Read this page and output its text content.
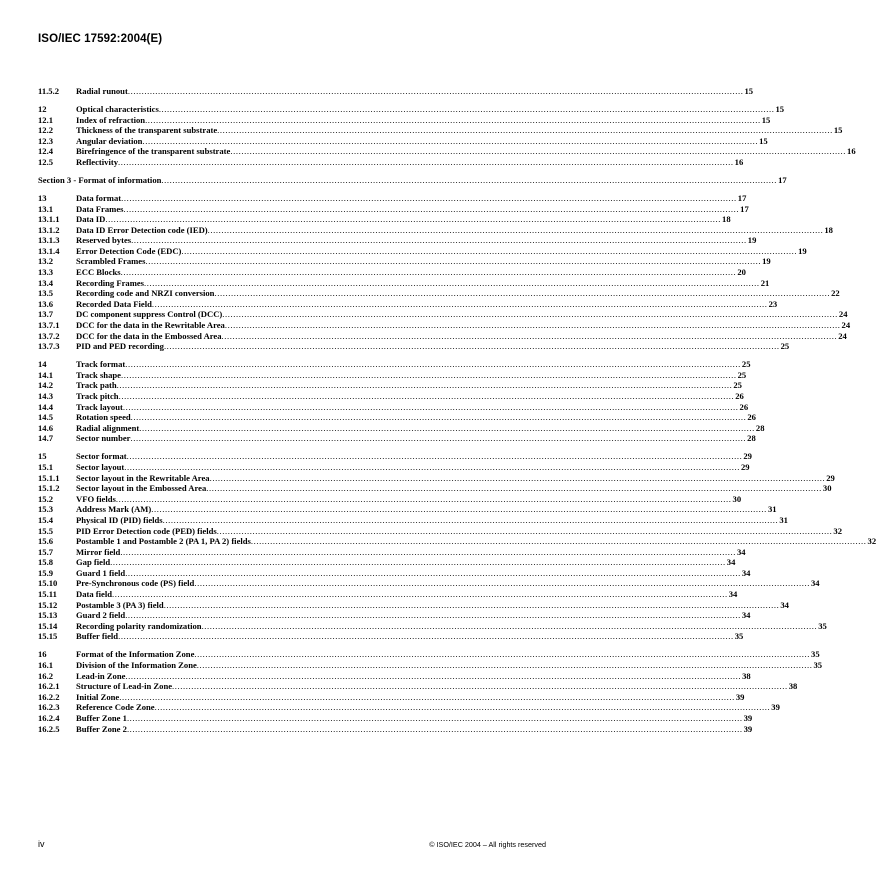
ISO/IEC 17592:2004(E)
11.5.2	Radial runout .....	15
12	Optical characteristics .....	15
12.1	Index of refraction .....	15
12.2	Thickness of the transparent substrate .....	15
12.3	Angular deviation .....	15
12.4	Birefringence of the transparent substrate .....	16
12.5	Reflectivity .....	16
Section 3 - Format of information .....	17
13	Data format .....	17
13.1	Data Frames .....	17
13.1.1	Data ID .....	18
13.1.2	Data ID Error Detection code (IED) .....	18
13.1.3	Reserved bytes .....	19
13.1.4	Error Detection Code (EDC) .....	19
13.2	Scrambled Frames .....	19
13.3	ECC Blocks .....	20
13.4	Recording Frames .....	21
13.5	Recording code and NRZI conversion .....	22
13.6	Recorded Data Field .....	23
13.7	DC component suppress Control (DCC) .....	24
13.7.1	DCC for the data in the Rewritable Area .....	24
13.7.2	DCC for the data in the Embossed Area .....	24
13.7.3	PID and PED recording .....	25
14	Track format .....	25
14.1	Track shape .....	25
14.2	Track path .....	25
14.3	Track pitch .....	26
14.4	Track layout .....	26
14.5	Rotation speed .....	26
14.6	Radial alignment .....	28
14.7	Sector number .....	28
15	Sector format .....	29
15.1	Sector layout .....	29
15.1.1	Sector layout in the Rewritable Area .....	29
15.1.2	Sector layout in the Embossed Area .....	30
15.2	VFO fields .....	30
15.3	Address Mark (AM) .....	31
15.4	Physical ID (PID) fields .....	31
15.5	PID Error Detection code (PED) fields .....	32
15.6	Postamble 1 and Postamble 2 (PA 1, PA 2) fields .....	32
15.7	Mirror field .....	34
15.8	Gap field .....	34
15.9	Guard 1 field .....	34
15.10	Pre-Synchronous code (PS) field .....	34
15.11	Data field .....	34
15.12	Postamble 3 (PA 3) field .....	34
15.13	Guard 2 field .....	34
15.14	Recording polarity randomization .....	35
15.15	Buffer field .....	35
16	Format of the Information Zone .....	35
16.1	Division of the Information Zone .....	35
16.2	Lead-in Zone .....	38
16.2.1	Structure of Lead-in Zone .....	38
16.2.2	Initial Zone .....	39
16.2.3	Reference Code Zone .....	39
16.2.4	Buffer Zone 1 .....	39
16.2.5	Buffer Zone 2 .....	39
iv	© ISO/IEC 2004 – All rights reserved
